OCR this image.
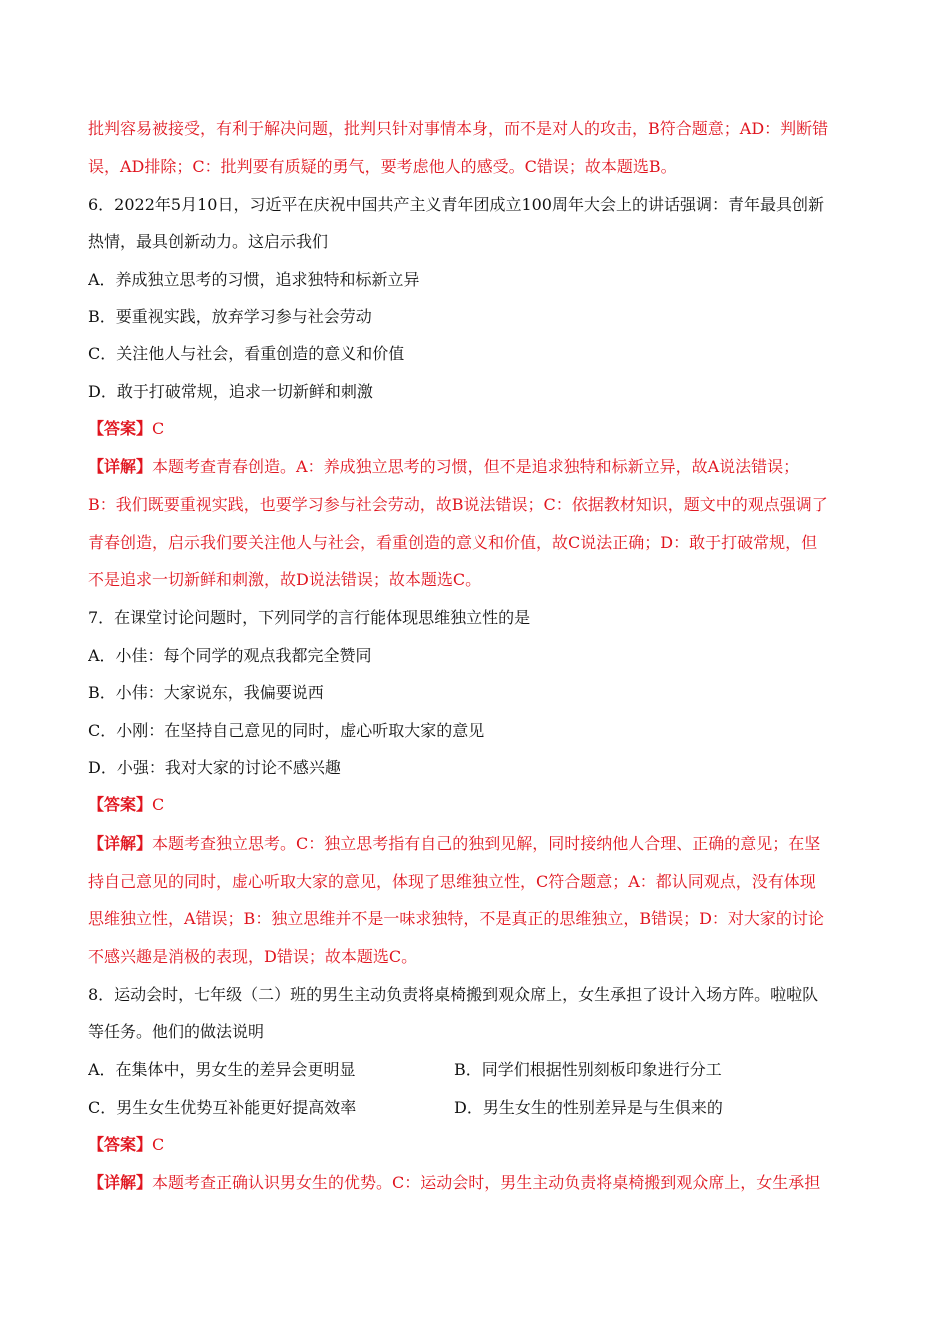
批判容易被接受，有利于解决问题，批判只针对事情本身，而不是对人的攻击，B符合题意；AD：判断错
误，AD排除；C：批判要有质疑的勇气，要考虑他人的感受。C错误；故本题选B。
6．2022年5月10日，习近平在庆祝中国共产主义青年团成立100周年大会上的讲话强调：青年最具创新
热情，最具创新动力。这启示我们
A．养成独立思考的习惯，追求独特和标新立异
B．要重视实践，放弃学习参与社会劳动
C．关注他人与社会，看重创造的意义和价值
D．敢于打破常规，追求一切新鲜和刺激
【答案】C
【详解】本题考查青春创造。A：养成独立思考的习惯，但不是追求独特和标新立异，故A说法错误；
B：我们既要重视实践，也要学习参与社会劳动，故B说法错误；C：依据教材知识，题文中的观点强调了
青春创造，启示我们要关注他人与社会，看重创造的意义和价值，故C说法正确；D：敢于打破常规，但
不是追求一切新鲜和刺激，故D说法错误；故本题选C。
7．在课堂讨论问题时，下列同学的言行能体现思维独立性的是
A．小佳：每个同学的观点我都完全赞同
B．小伟：大家说东，我偏要说西
C．小刚：在坚持自己意见的同时，虚心听取大家的意见
D．小强：我对大家的讨论不感兴趣
【答案】C
【详解】本题考查独立思考。C：独立思考指有自己的独到见解，同时接纳他人合理、正确的意见；在坚
持自己意见的同时，虚心听取大家的意见，体现了思维独立性，C符合题意；A：都认同观点，没有体现
思维独立性，A错误；B：独立思维并不是一味求独特，不是真正的思维独立，B错误；D：对大家的讨论
不感兴趣是消极的表现，D错误；故本题选C。
8．运动会时，七年级（二）班的男生主动负责将桌椅搬到观众席上，女生承担了设计入场方阵。啦啦队
等任务。他们的做法说明
A．在集体中，男女生的差异会更明显	B．同学们根据性别刻板印象进行分工
C．男生女生优势互补能更好提高效率	D．男生女生的性别差异是与生俱来的
【答案】C
【详解】本题考查正确认识男女生的优势。C：运动会时，男生主动负责将桌椅搬到观众席上，女生承担
